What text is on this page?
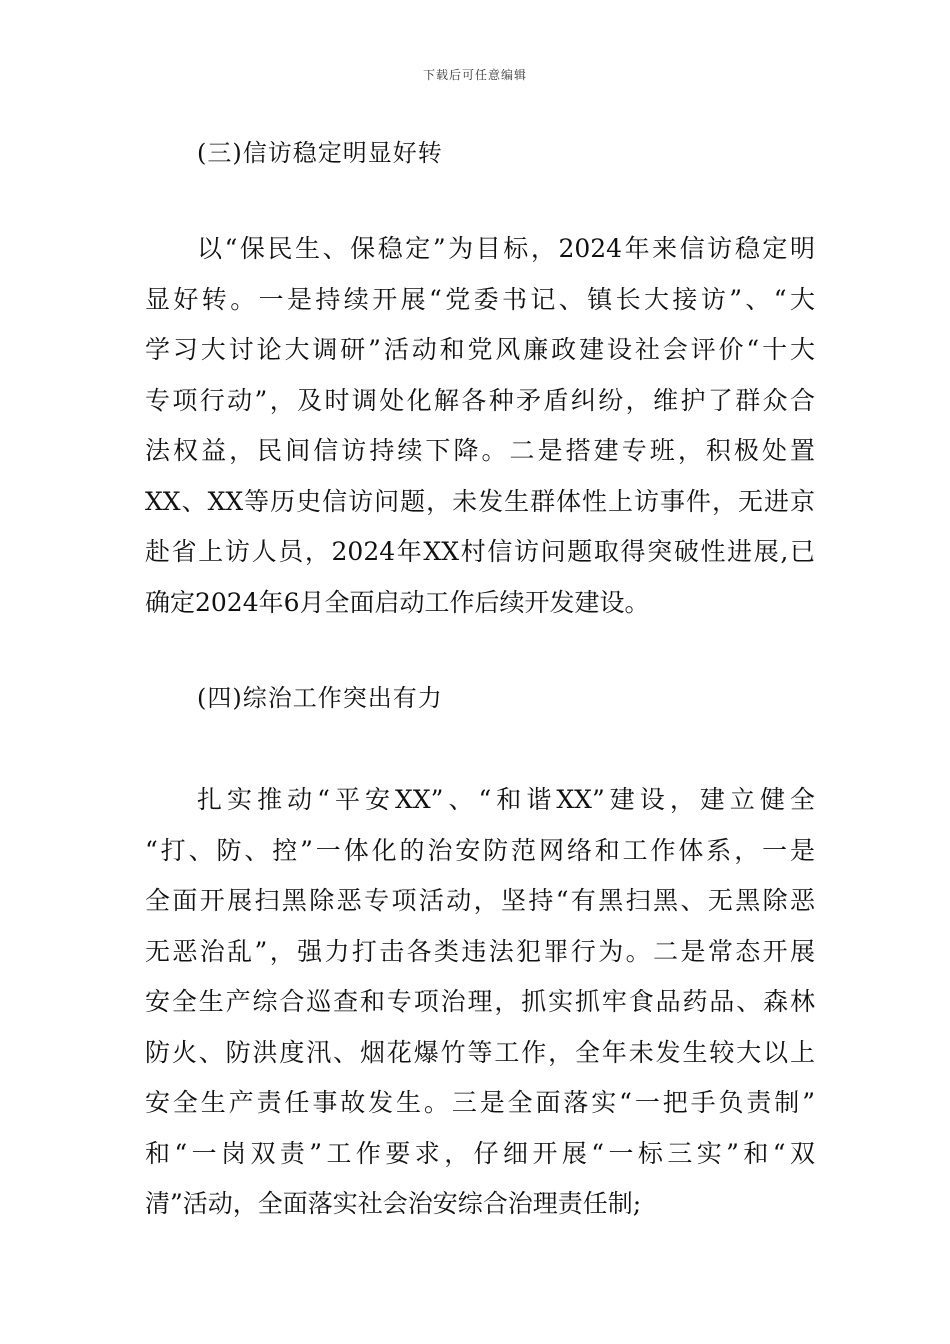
下载后可任意编辑
(三)信访稳定明显好转
以“保民生、保稳定”为目标，2024年来信访稳定明
显好转。一是持续开展“党委书记、镇长大接访”、“大
学习大讨论大调研”活动和党风廉政建设社会评价“十大
专项行动”，及时调处化解各种矛盾纠纷，维护了群众合
法权益，民间信访持续下降。二是搭建专班，积极处置
XX、XX等历史信访问题，未发生群体性上访事件，无进京
赴省上访人员，2024年XX村信访问题取得突破性进展,已
确定2024年6月全面启动工作后续开发建设。
(四)综治工作突出有力
扎实推动“平安XX”、“和谐XX”建设，建立健全
“打、防、控”一体化的治安防范网络和工作体系，一是
全面开展扫黑除恶专项活动，坚持“有黑扫黑、无黑除恶
无恶治乱”，强力打击各类违法犯罪行为。二是常态开展
安全生产综合巡查和专项治理，抓实抓牢食品药品、森林
防火、防洪度汛、烟花爆竹等工作，全年未发生较大以上
安全生产责任事故发生。三是全面落实“一把手负责制”
和“一岗双责”工作要求，仔细开展“一标三实”和“双
清”活动，全面落实社会治安综合治理责任制;
